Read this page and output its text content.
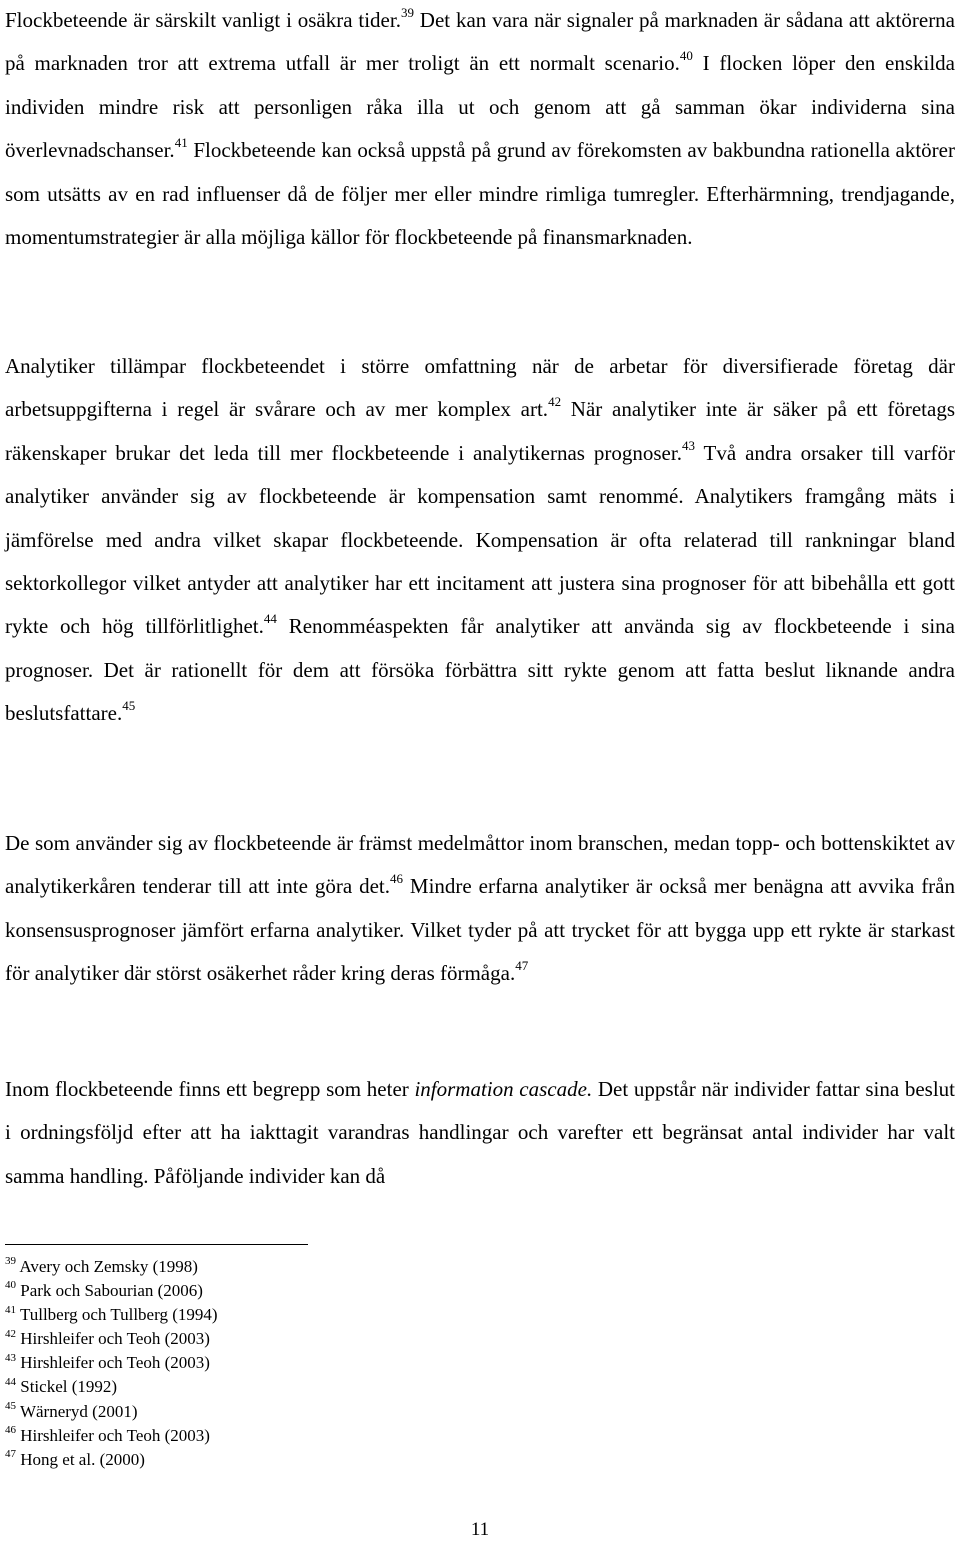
Flockbeteende är särskilt vanligt i osäkra tider.$^{39}$ Det kan vara när signaler på marknaden är sådana att aktörerna på marknaden tror att extrema utfall är mer troligt än ett normalt scenario.$^{40}$ I flocken löper den enskilda individen mindre risk att personligen råka illa ut och genom att gå samman ökar individerna sina överlevnadschanser.$^{41}$ Flockbeteende kan också uppstå på grund av förekomsten av bakbundna rationella aktörer som utsätts av en rad influenser då de följer mer eller mindre rimliga tumregler. Efterhärmning, trendjagande, momentumstrategier är alla möjliga källor för flockbeteende på finansmarknaden.

Analytiker tillämpar flockbeteendet i större omfattning när de arbetar för diversifierade företag där arbetsuppgifterna i regel är svårare och av mer komplex art.$^{42}$ När analytiker inte är säker på ett företags räkenskaper brukar det leda till mer flockbeteende i analytikernas prognoser.$^{43}$ Två andra orsaker till varför analytiker använder sig av flockbeteende är kompensation samt renommé. Analytikers framgång mäts i jämförelse med andra vilket skapar flockbeteende. Kompensation är ofta relaterad till rankningar bland sektorkollegor vilket antyder att analytiker har ett incitament att justera sina prognoser för att bibehålla ett gott rykte och hög tillförlitlighet.$^{44}$ Renomméaspekten får analytiker att använda sig av flockbeteende i sina prognoser. Det är rationellt för dem att försöka förbättra sitt rykte genom att fatta beslut liknande andra beslutsfattare.$^{45}$

De som använder sig av flockbeteende är främst medelmåttor inom branschen, medan topp- och bottenskiktet av analytikerkåren tenderar till att inte göra det.$^{46}$ Mindre erfarna analytiker är också mer benägna att avvika från konsensusprognoser jämfört erfarna analytiker. Vilket tyder på att trycket för att bygga upp ett rykte är starkast för analytiker där störst osäkerhet råder kring deras förmåga.$^{47}$

Inom flockbeteende finns ett begrepp som heter information cascade. Det uppstår när individer fattar sina beslut i ordningsföljd efter att ha iakttagit varandras handlingar och varefter ett begränsat antal individer har valt samma handling. Påföljande individer kan då

$^{39}$ Avery och Zemsky (1998)

$^{40}$ Park och Sabourian (2006)

$^{41}$ Tullberg och Tullberg (1994)

$^{42}$ Hirshleifer och Teoh (2003)

$^{43}$ Hirshleifer och Teoh (2003)

$^{44}$ Stickel (1992)

$^{45}$ Wärneryd (2001)

$^{46}$ Hirshleifer och Teoh (2003)

$^{47}$ Hong et al. (2000)

11
